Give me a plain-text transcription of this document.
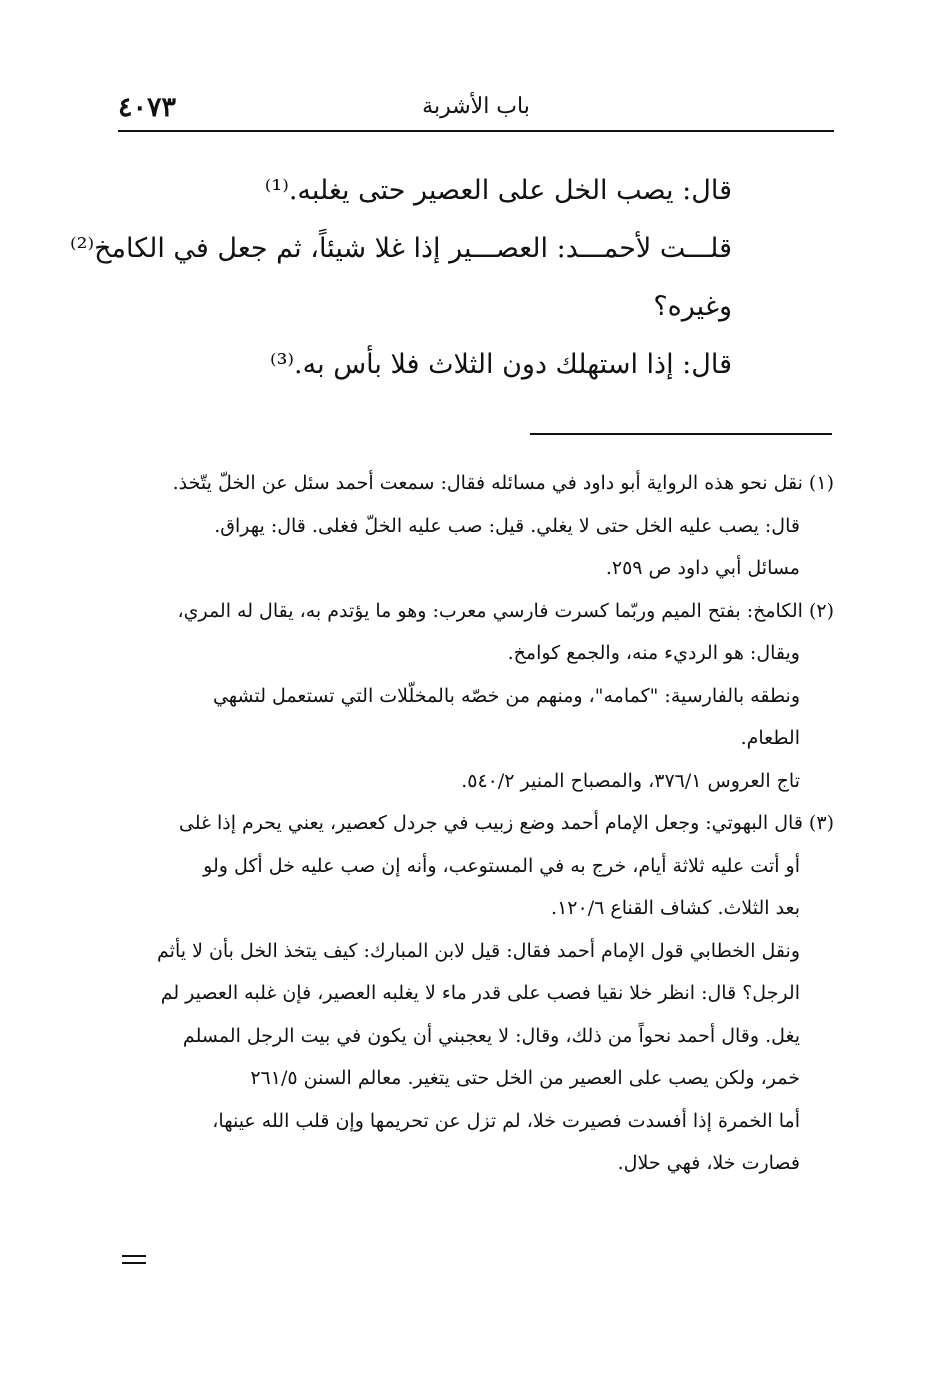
٤٠٧٣	باب الأشربة
قال: يصب الخل على العصير حتى يغلبه.⁽¹⁾
قلـــت لأحمـــد: العصـــير إذا غلا شيئاً، ثم جعل في الكامخ⁽²⁾
وغيره؟
قال: إذا استهلك دون الثلاث فلا بأس به.⁽³⁾
(١) نقل نحو هذه الرواية أبو داود في مسائله فقال: سمعت أحمد سئل عن الخلّ يتّخذ.
قال: يصب عليه الخل حتى لا يغلي. قيل: صب عليه الخلّ فغلى. قال: يهراق.
مسائل أبي داود ص ٢٥٩.
(٢) الكامخ: بفتح الميم وربّما كسرت فارسي معرب: وهو ما يؤتدم به، يقال له المري،
ويقال: هو الرديء منه، والجمع كوامخ.
ونطقه بالفارسية: "كمامه"، ومنهم من خصّه بالمخلّلات التي تستعمل لتشهي
الطعام.
تاج العروس ٣٧٦/١، والمصباح المنير ٥٤٠/٢.
(٣) قال البهوتي: وجعل الإمام أحمد وضع زبيب في جردل كعصير، يعني يحرم إذا غلى
أو أتت عليه ثلاثة أيام، خرج به في المستوعب، وأنه إن صب عليه خل أكل ولو
بعد الثلاث. كشاف القناع ١٢٠/٦.
ونقل الخطابي قول الإمام أحمد فقال: قيل لابن المبارك: كيف يتخذ الخل بأن لا يأثم
الرجل؟ قال: انظر خلا نقيا فصب على قدر ماء لا يغلبه العصير، فإن غلبه العصير لم
يغل. وقال أحمد نحواً من ذلك، وقال: لا يعجبني أن يكون في بيت الرجل المسلم
خمر، ولكن يصب على العصير من الخل حتى يتغير. معالم السنن ٢٦١/٥
أما الخمرة إذا أفسدت فصيرت خلا، لم تزل عن تحريمها وإن قلب الله عينها،
فصارت خلا، فهي حلال.
